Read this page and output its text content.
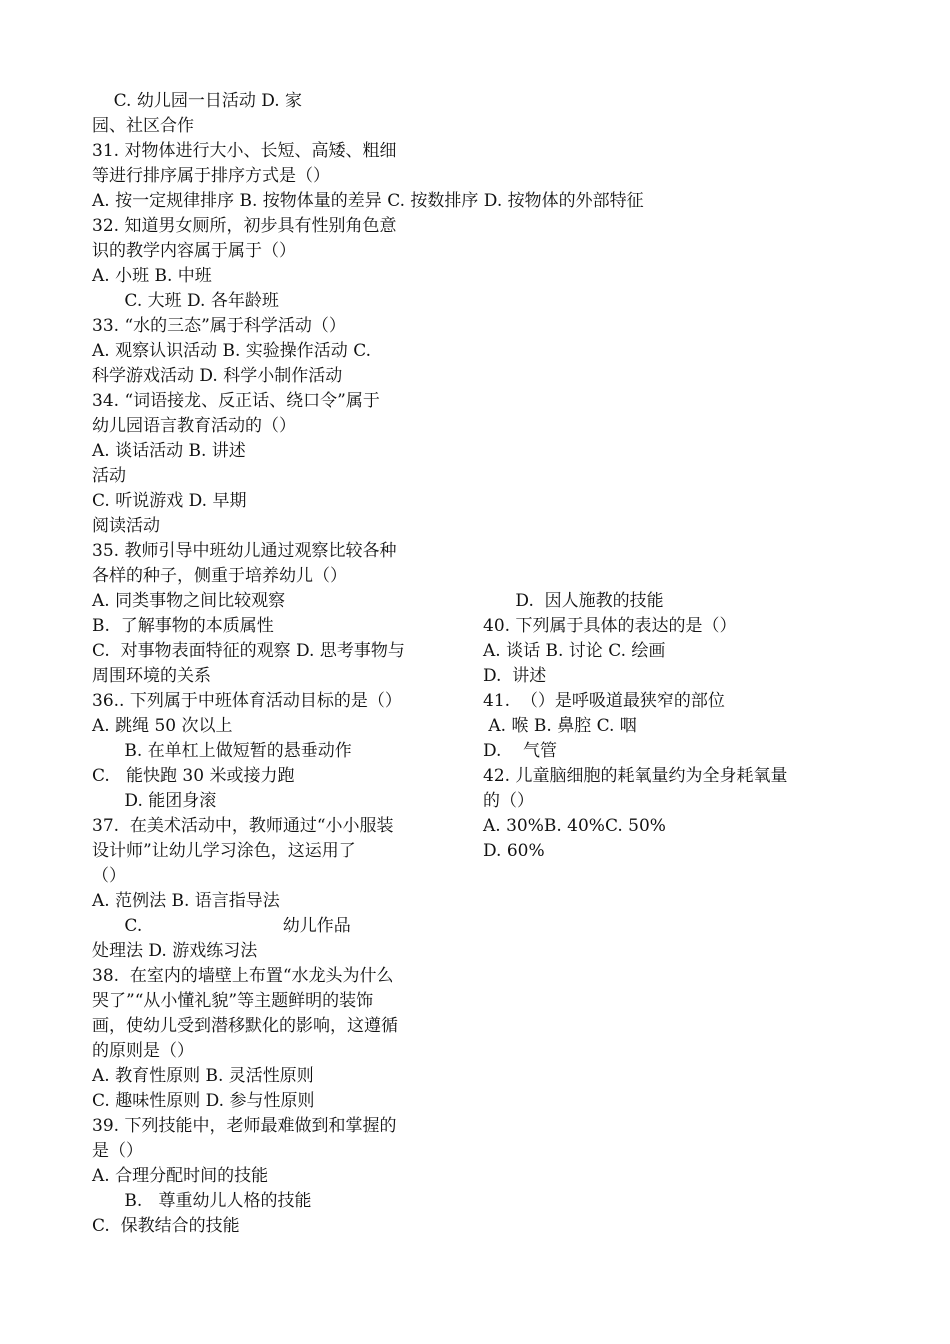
C. 幼儿园一日活动 D. 家
园、社区合作
31. 对物体进行大小、长短、高矮、粗细
等进行排序属于排序方式是（）
A. 按一定规律排序 B. 按物体量的差异 C. 按数排序 D. 按物体的外部特征
32. 知道男女厕所，初步具有性别角色意
识的教学内容属于属于（）
A. 小班 B. 中班
C. 大班 D. 各年龄班
33. “水的三态”属于科学活动（）
A. 观察认识活动 B. 实验操作活动 C.
科学游戏活动 D. 科学小制作活动
34. “词语接龙、反正话、绕口令”属于
幼儿园语言教育活动的（）
A. 谈话活动 B. 讲述
活动
C. 听说游戏 D. 早期
阅读活动
35. 教师引导中班幼儿通过观察比较各种
各样的种子，侧重于培养幼儿（）
A. 同类事物之间比较观察
B.  了解事物的本质属性
C.  对事物表面特征的观察 D. 思考事物与
周围环境的关系
36.. 下列属于中班体育活动目标的是（）
A. 跳绳 50 次以上
B. 在单杠上做短暂的悬垂动作
C.   能快跑 30 米或接力跑
D. 能团身滚
37.  在美术活动中，教师通过“小小服装
设计师”让幼儿学习涂色，这运用了
（）
A. 范例法 B. 语言指导法
C.                          幼儿作品
处理法 D. 游戏练习法
38.  在室内的墙壁上布置“水龙头为什么
哭了”“从小懂礼貌”等主题鲜明的装饰
画，使幼儿受到潜移默化的影响，这遵循
的原则是（）
A. 教育性原则 B. 灵活性原则
C. 趣味性原则 D. 参与性原则
39. 下列技能中，老师最难做到和掌握的
是（）
A. 合理分配时间的技能
B.   尊重幼儿人格的技能
C.  保教结合的技能
D.  因人施教的技能
40. 下列属于具体的表达的是（）
A. 谈话 B. 讨论 C. 绘画
D.  讲述
41.  （）是呼吸道最狭窄的部位
A. 喉 B. 鼻腔 C. 咽
D.    气管
42. 儿童脑细胞的耗氧量约为全身耗氧量
的（）
A. 30%B. 40%C. 50%
D. 60%
